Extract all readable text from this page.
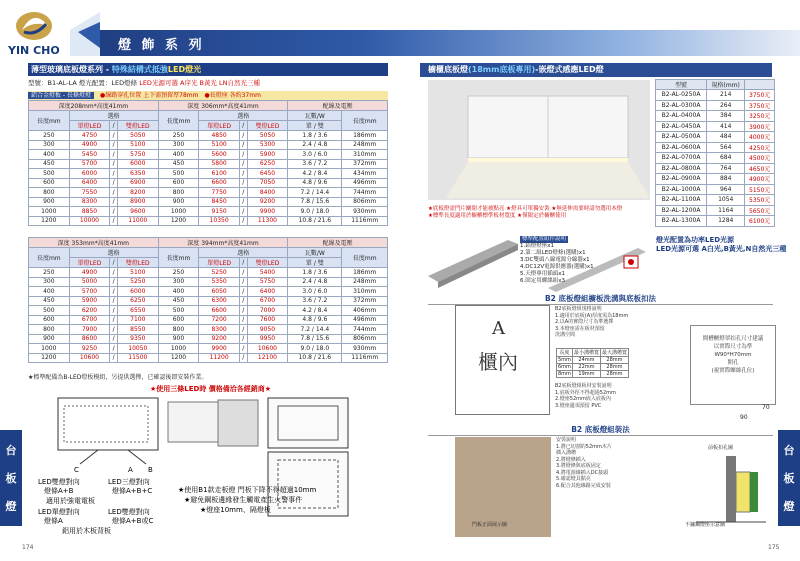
YIN CHO	燈 飾 系 列
台
板
燈
台
板
燈
174	175
薄型玻璃底板燈系列 - 特殊結構式抵強LED燈光
型號：B1-AL-LA 燈光配置：LED燈條 LED光源可選 A序光 B黃光 LN自然光三種
鋁合金燈板 - 長條燈燈 ●線路穿孔位置 上下需預留厚78mm ●長燈座 各約37mm
深度208mm*高度41mm				深度 306mm*高度41mm				配線及電壓	
長度mm	選格			長度mm	選格			瓦數/W	長度mm
	單燈LED	/	雙燈LED		單燈LED	/	雙燈LED	單 / 雙	
250	4750	/	5050	250	4850	/	5050	1.8 / 3.6	186mm
300	4900	/	5100	300	5100	/	5300	2.4 / 4.8	248mm
400	5450	/	5750	400	5600	/	5900	3.0 / 6.0	310mm
450	5700	/	6000	450	5800	/	6250	3.6 / 7.2	372mm
500	6000	/	6350	500	6100	/	6450	4.2 / 8.4	434mm
600	6400	/	6900	600	6600	/	7050	4.8 / 9.6	496mm
800	7550	/	8200	800	7750	/	8400	7.2 / 14.4	744mm
900	8300	/	8900	900	8450	/	9200	7.8 / 15.6	806mm
1000	8850	/	9600	1000	9150	/	9900	9.0 / 18.0	930mm
1200	10000	/	11000	1200	10350	/	11300	10.8 / 21.6	1116mm
深度 353mm*高度41mm				深度 394mm*高度41mm				配線及電壓	
長度mm	選格			長度mm	選格			瓦數/W	長度mm
	單燈LED	/	雙燈LED		單燈LED	/	雙燈LED	單 / 雙	
250	4900	/	5100	250	5250	/	5400	1.8 / 3.6	186mm
300	5000	/	5250	300	5350	/	5750	2.4 / 4.8	248mm
400	5700	/	6000	400	6050	/	6400	3.0 / 6.0	310mm
450	5900	/	6250	450	6300	/	6700	3.6 / 7.2	372mm
500	6200	/	6550	500	6600	/	7000	4.2 / 8.4	406mm
600	6700	/	7100	600	7200	/	7600	4.8 / 9.6	496mm
800	7900	/	8550	800	8300	/	9050	7.2 / 14.4	744mm
900	8600	/	9350	900	9200	/	9950	7.8 / 15.6	806mm
1000	9250	/	10050	1000	9900	/	10600	9.0 / 18.0	930mm
1200	10600	/	11500	1200	11200	/	12100	10.8 / 21.6	1116mm
★標準配備為B-LED燈板模組，另提供選擇，已確認後即安裝作業。
★使用三條LED時 價格備洽各經銷商★
C	A B
LED雙燈對向
燈條A+B
LED三燈對向
燈條A+B+C
適用於強電電板
LED單燈對向
燈條A
LED雙燈對向
燈條A+B或C
鋁用於木板背板
★使用B1款走板燈 門板下降不得超過10mm
★避免鋼板邊緣發生觸電產生火警事件
★燈座10mm、隔燈板
櫥櫃底板燈(18mm底板專用)-嵌燈式感應LED燈
型號	規格(mm)	
B2-AL-0250A	214	3750元
B2-AL-0300A	264	3750元
B2-AL-0400A	384	3250元
B2-AL-0450A	414	3900元
B2-AL-0500A	484	4000元
B2-AL-0600A	564	4250元
B2-AL-0700A	684	4500元
B2-AL-0800A	764	4650元
B2-AL-0900A	884	4900元
B2-AL-1000A	964	5150元
B2-AL-1100A	1054	5350元
B2-AL-1200A	1164	5650元
B2-AL-1300A	1284	6100元
★底板燈需門片關閉才能被點亮 ★燈具可單獨安裝 ★無延伸需要時請勿選用本燈
★標準長度適用於櫥櫃標準板材寬度 ★僅限定於櫥櫃使用
標準配置組件說明
1.鋁燈燈座x1
2.第二組LED燈條(選購)x1
3.DC雙頭八線電源分線器x1
4.DC12V電源供應器(選購)x1
5.天燈專用插頭x1
6.固定用螺絲組x3
燈光配置為功率LED光源
LED光源可選 A白光,B黃光,N自然光三種
B2 底板燈組櫥板洗溝與底板扣法
A
櫃內
B2底板燈組規格說明
1.適用於底板(A)厚度需為18mm
2.以A的實際尺寸為準選擇
3.本燈座需在板材預留
洗溝空間
長度	最小溝槽寬	最大溝槽寬
5mm	24mm	28mm
6mm	22mm	28mm
8mm	19mm	28mm
B2底板燈組板材安裝說明
1.底板外徑不得超過52mm
2.燈座52mm嵌入底板內
3.燈座邊須預留 PVC
開槽櫃燈罩扣孔尺寸建議
以實際尺寸為準
W90*H70mm
開孔
(視實際螺絲孔位)
70
90
前板扣孔圖
B2 底板燈組裝法
安裝說明
1.將已切割的52mm木片
插入溝槽
2.將燈條插入
3.將燈條與底板固定
4.將電源線插入DC接頭
5.確認燈具點亮
6.配合其他線路完成安裝
門板正面展示圖	不鏽鋼燈座示意圖
